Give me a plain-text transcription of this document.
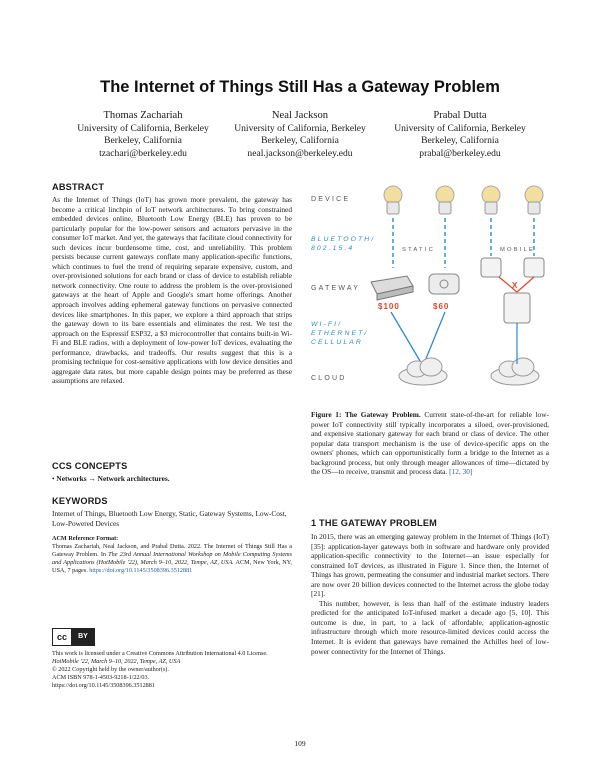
The Internet of Things Still Has a Gateway Problem
Thomas Zachariah
University of California, Berkeley
Berkeley, California
tzachari@berkeley.edu
Neal Jackson
University of California, Berkeley
Berkeley, California
neal.jackson@berkeley.edu
Prabal Dutta
University of California, Berkeley
Berkeley, California
prabal@berkeley.edu
ABSTRACT

As the Internet of Things (IoT) has grown more prevalent, the gateway has become a critical linchpin of IoT network architectures. To bring constrained embedded devices online, Bluetooth Low Energy (BLE) has proven to be particularly popular for the low-power sensors and actuators pervasive in the consumer IoT market. And yet, the gateways that facilitate cloud connectivity for such devices incur burdensome time, cost, and unreliability. This problem persists because current gateways conflate many application-specific functions, which continues to fuel the trend of requiring separate expensive, custom, and over-provisioned solutions for each brand or class of device to establish reliable network connectivity. One route to address the problem is the over-provisioned gateways at the heart of Apple and Google's smart home offerings. Another approach involves adding ephemeral gateway functions on pervasive connected devices like smartphones. In this paper, we explore a third approach that strips the gateway down to its bare essentials and eliminates the rest. We test the approach on the Espressif ESP32, a $3 microcontroller that contains built-in Wi-Fi and BLE radios, with a deployment of low-power IoT devices, evaluating the performance, drawbacks, and tradeoffs. Our results suggest that this is a promising technique for cost-sensitive applications with low device densities and aggregate data rates, but more capable design points may be preferred as these assumptions are relaxed.

CCS CONCEPTS
• Networks → Network architectures.
KEYWORDS
Internet of Things, Bluetooth Low Energy, Static, Gateway Systems, Low-Cost, Low-Powered Devices
ACM Reference Format:
Thomas Zachariah, Neal Jackson, and Prabal Dutta. 2022. The Internet of Things Still Has a Gateway Problem. In The 23rd Annual International Workshop on Mobile Computing Systems and Applications (HotMobile '22), March 9–10, 2022, Tempe, AZ, USA. ACM, New York, NY, USA, 7 pages. https://doi.org/10.1145/3508396.3512881
cc	BY
This work is licensed under a Creative Commons Attribution International 4.0 License.
HotMobile '22, March 9–10, 2022, Tempe, AZ, USA
© 2022 Copyright held by the owner/author(s).
ACM ISBN 978-1-4503-9218-1/22/03.
https://doi.org/10.1145/3508396.3512881
DEVICE
BLUETOOTH/
802.15.4	STATIC	MOBILE
GATEWAY	X
$100	$60
WI-FI/
ETHERNET/
CELLULAR
CLOUD
Figure 1: The Gateway Problem. Current state-of-the-art for reliable low-power IoT connectivity still typically incorporates a siloed, over-provisioned, and expensive stationary gateway for each brand or class of device. The other popular data transport mechanism is the use of device-specific apps on the owners' phones, which can opportunistically form a bridge to the Internet as a background process, but only through meager allowances of time—dictated by the OS—to receive, transmit and process data. [12, 30]
1 THE GATEWAY PROBLEM

In 2015, there was an emerging gateway problem in the Internet of Things (IoT) [35]: application-layer gateways both in software and hardware only provided application-specific connectivity to the Internet—an issue especially for constrained IoT devices, as illustrated in Figure 1. Since then, the Internet of Things has grown, permeating the consumer and industrial market sectors. There are now over 20 billion devices connected to the Internet across the globe today [21].

This number, however, is less than half of the estimate industry leaders predicted for the anticipated IoT-infused market a decade ago [5, 10]. This outcome is due, in part, to a lack of affordable, application-agnostic infrastructure through which more resource-limited devices could access the Internet. It is evident that gateways have remained the Achilles heel of low-power connectivity for the Internet of Things.

109
